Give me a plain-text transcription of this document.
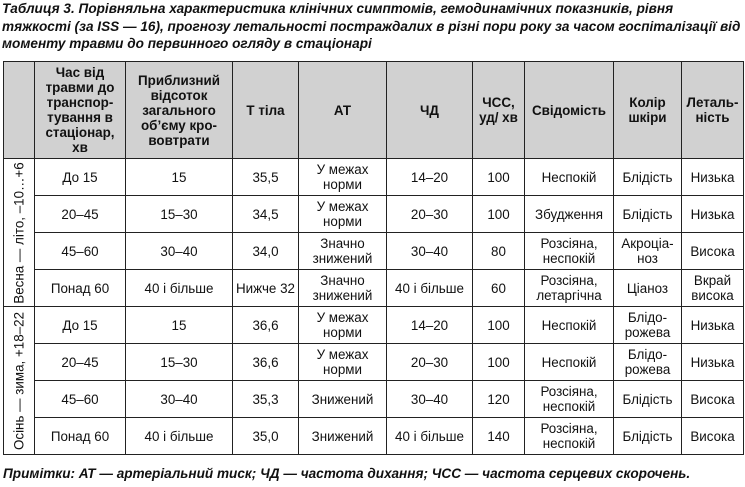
Таблиця 3. Порівняльна характеристика клінічних симптомів, гемодинамічних показників, рівня тяжкості (за ISS — 16), прогнозу летальності постраждалих в різні пори року за часом госпіталізації від моменту травми до первинного огляду в стаціонарі
	Час від травми до транспортування в стаціонар, хв	Приблизний відсоток загального об’єму крововтрати	Т тіла	АТ	ЧД	ЧСС, уд/ хв	Свідомість	Колір шкіри	Летальність

Весна — літо, –10…+6	До 15	15	35,5	У межах норми	14–20	100	Неспокій	Блідість	Низька
	20–45	15–30	34,5	У межах норми	20–30	100	Збудження	Блідість	Низька
	45–60	30–40	34,0	Значно знижений	30–40	80	Розсіяна, неспокій	Акроціаноз	Висока
	Понад 60	40 і більше	Нижче 32	Значно знижений	40 і більше	60	Розсіяна, летаргічна	Ціаноз	Вкрай висока

Осінь — зима, +18–22	До 15	15	36,6	У межах норми	14–20	100	Неспокій	Блідорожева	Низька
	20–45	15–30	36,6	У межах норми	20–30	100	Неспокій	Блідорожева	Низька
	45–60	30–40	35,3	Знижений	30–40	120	Розсіяна, неспокій	Блідість	Висока
	Понад 60	40 і більше	35,0	Знижений	40 і більше	140	Розсіяна, неспокій	Блідість	Висока
Примітки: АТ — артеріальний тиск; ЧД — частота дихання; ЧСС — частота серцевих скорочень.
